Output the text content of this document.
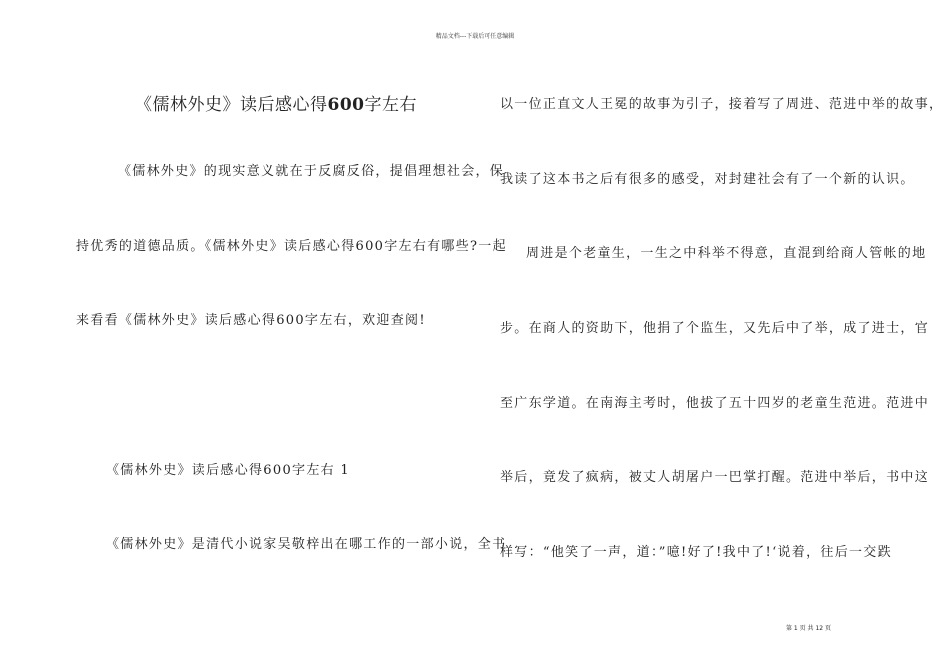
精品文档---下载后可任意编辑
《儒林外史》读后感心得600字左右
《儒林外史》的现实意义就在于反腐反俗，提倡理想社会，保
持优秀的道德品质。《儒林外史》读后感心得600字左右有哪些?一起
来看看《儒林外史》读后感心得600字左右，欢迎查阅!
《儒林外史》读后感心得600字左右 1
《儒林外史》是清代小说家吴敬梓出在哪工作的一部小说，全书
以一位正直文人王冕的故事为引子，接着写了周进、范进中举的故事，
我读了这本书之后有很多的感受，对封建社会有了一个新的认识。
周进是个老童生，一生之中科举不得意，直混到给商人管帐的地
步。在商人的资助下，他捐了个监生，又先后中了举，成了进士，官
至广东学道。在南海主考时，他拔了五十四岁的老童生范进。范进中
举后，竟发了疯病，被丈人胡屠户一巴掌打醒。范进中举后，书中这
样写：“他笑了一声，道：”噫!好了!我中了!‘说着，往后一交跌
第 1 页 共 12 页
